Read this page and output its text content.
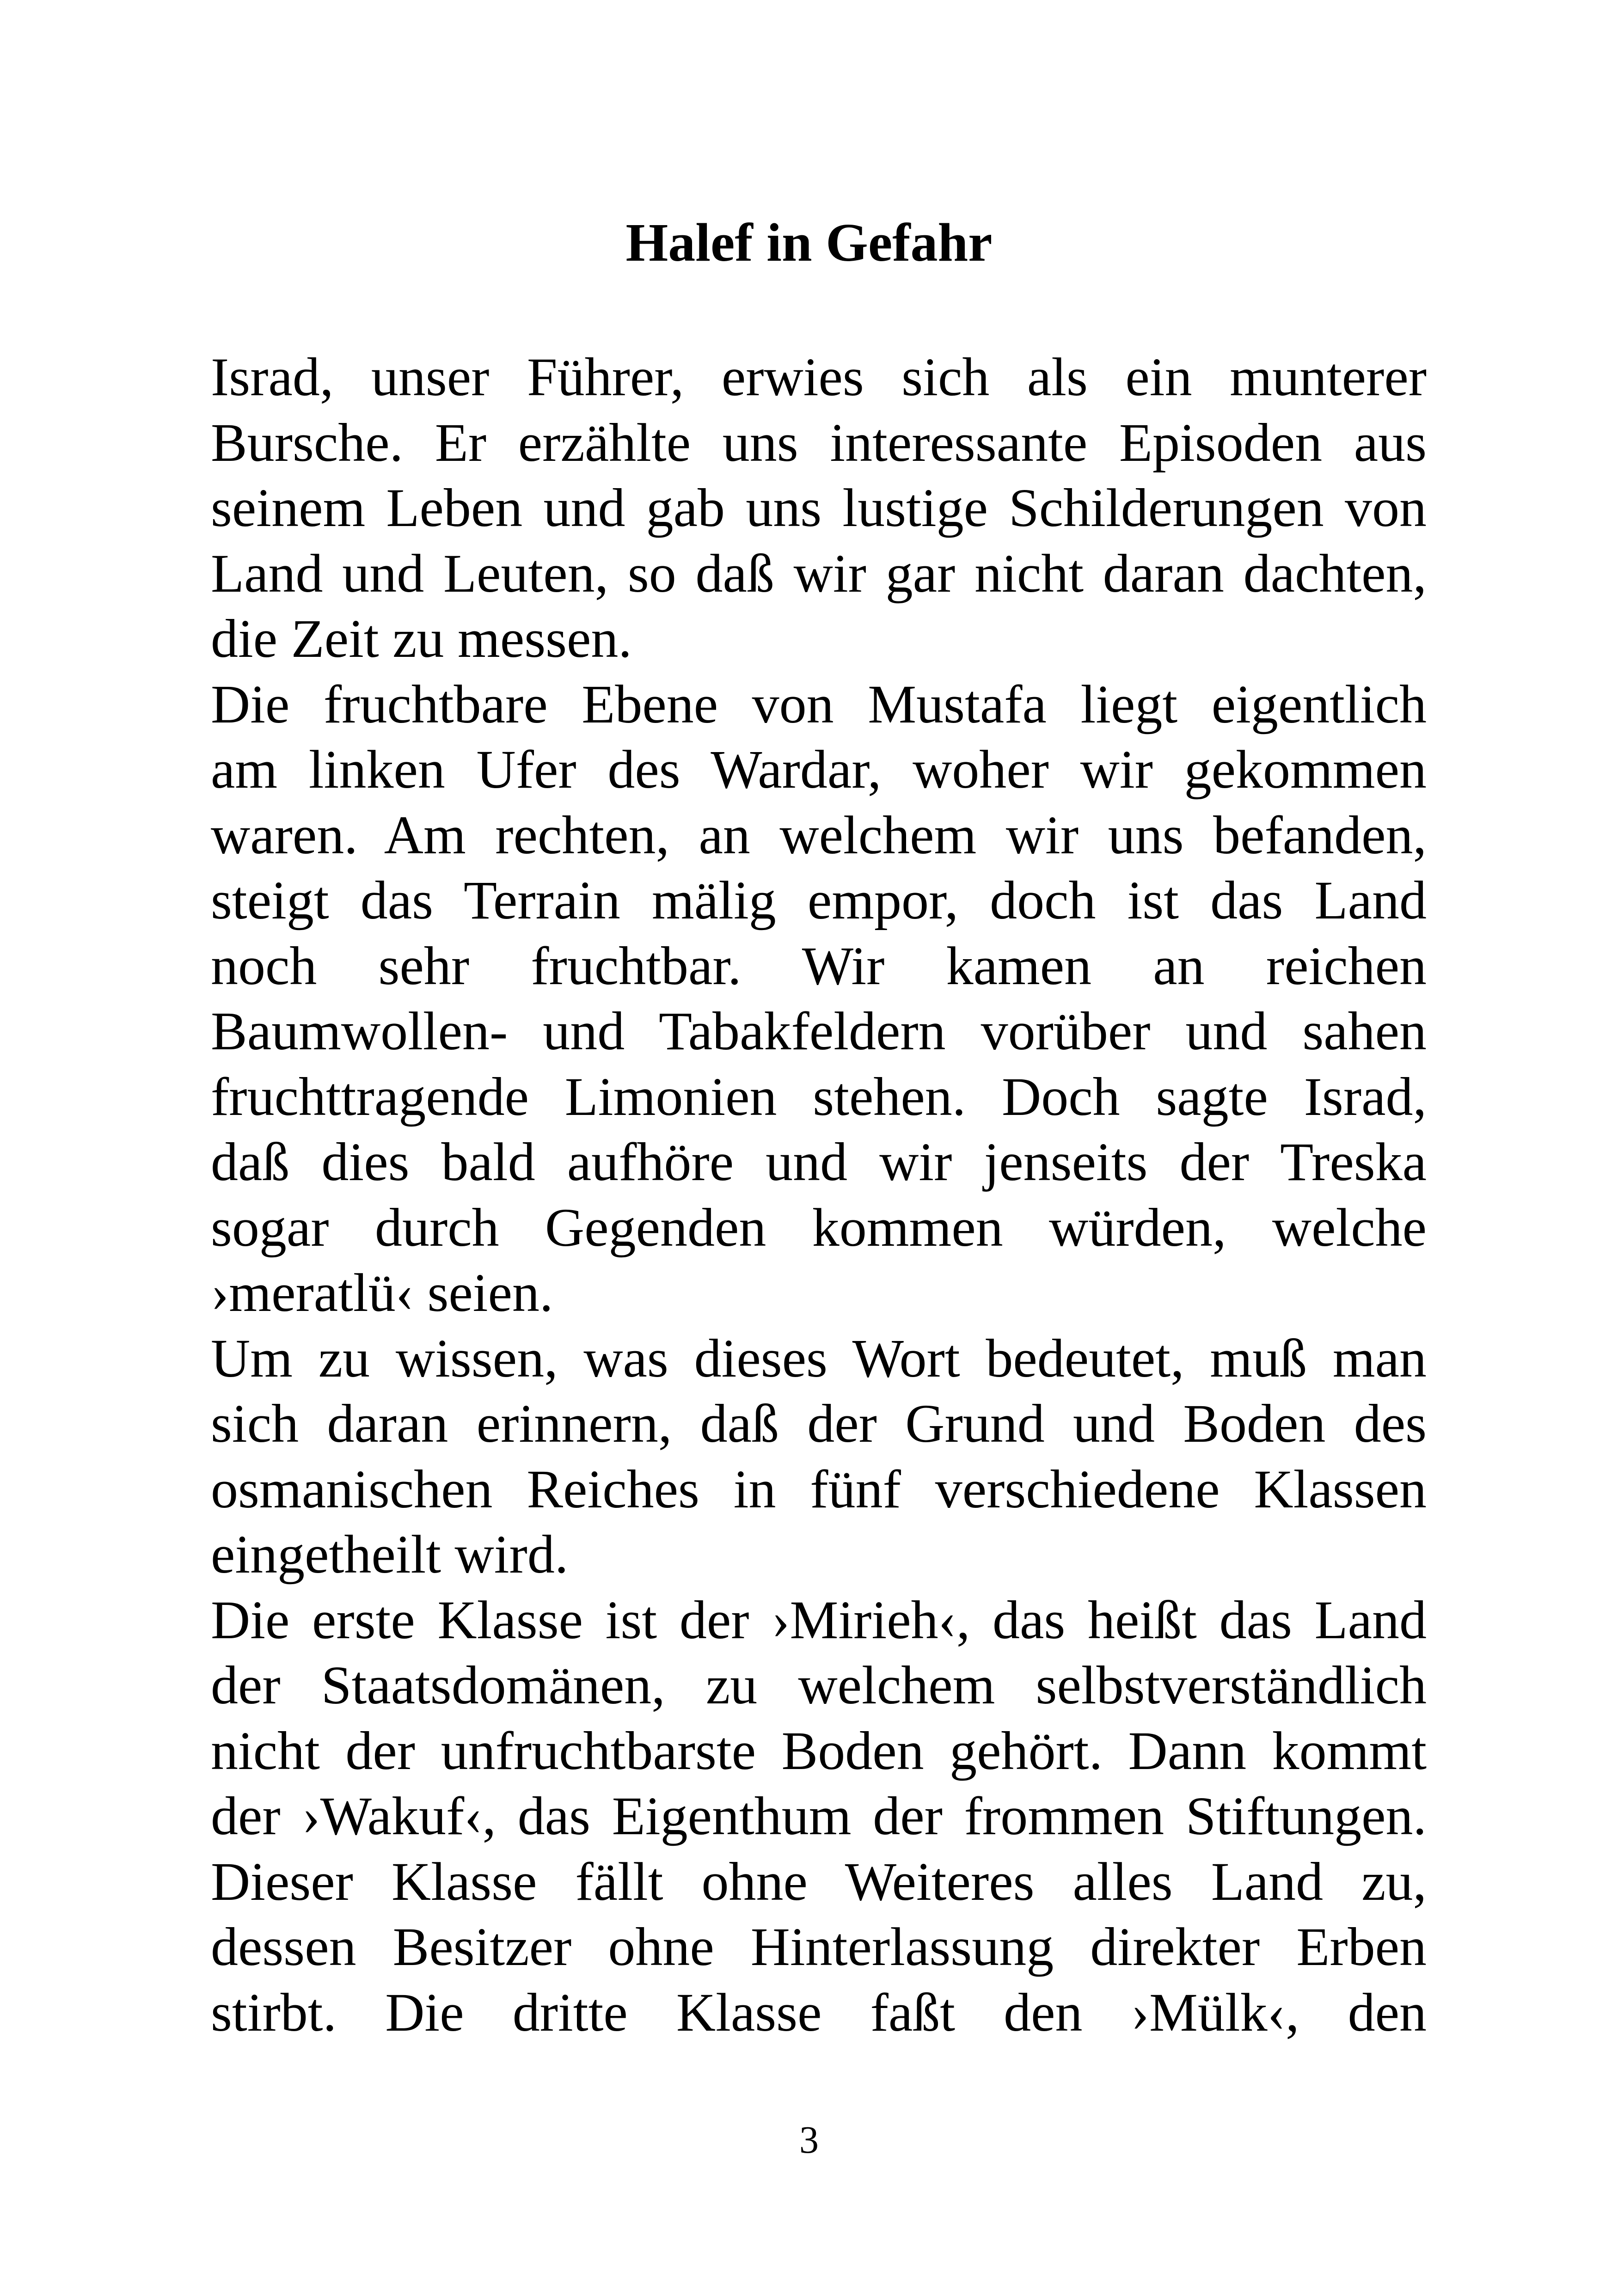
Halef in Gefahr
Israd, unser Führer, erwies sich als ein munterer
Bursche. Er erzählte uns interessante Episoden aus
seinem Leben und gab uns lustige Schilderungen von
Land und Leuten, so daß wir gar nicht daran dachten,
die Zeit zu messen.
Die fruchtbare Ebene von Mustafa liegt eigentlich
am linken Ufer des Wardar, woher wir gekommen
waren. Am rechten, an welchem wir uns befanden,
steigt das Terrain mälig empor, doch ist das Land
noch sehr fruchtbar. Wir kamen an reichen
Baumwollen- und Tabakfeldern vorüber und sahen
fruchttragende Limonien stehen. Doch sagte Israd,
daß dies bald aufhöre und wir jenseits der Treska
sogar durch Gegenden kommen würden, welche
›meratlü‹ seien.
Um zu wissen, was dieses Wort bedeutet, muß man
sich daran erinnern, daß der Grund und Boden des
osmanischen Reiches in fünf verschiedene Klassen
eingetheilt wird.
Die erste Klasse ist der ›Mirieh‹, das heißt das Land
der Staatsdomänen, zu welchem selbstverständlich
nicht der unfruchtbarste Boden gehört. Dann kommt
der ›Wakuf‹, das Eigenthum der frommen Stiftungen.
Dieser Klasse fällt ohne Weiteres alles Land zu,
dessen Besitzer ohne Hinterlassung direkter Erben
stirbt. Die dritte Klasse faßt den ›Mülk‹, den
3
